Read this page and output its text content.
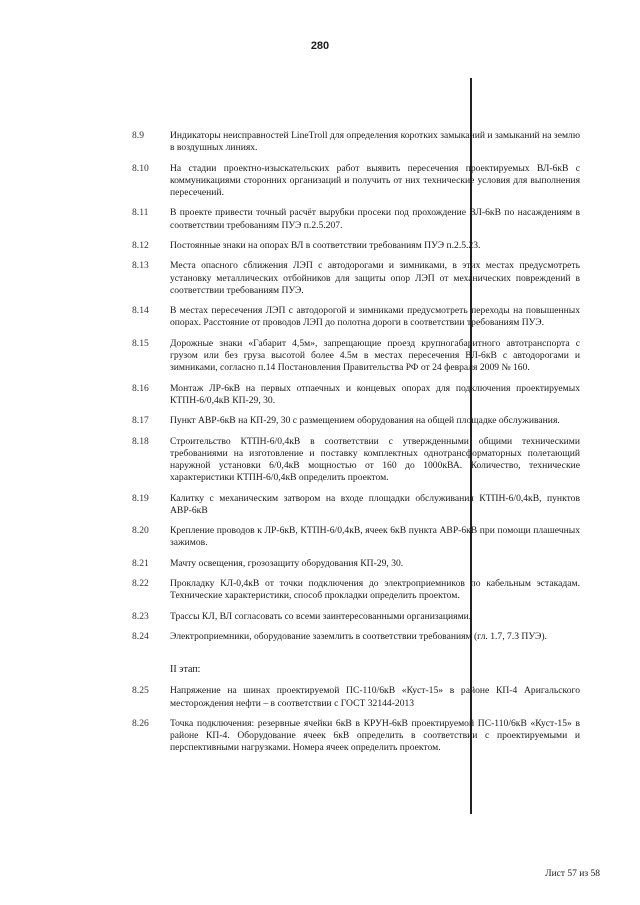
280
8.9	Индикаторы неисправностей LineTroll для определения коротких замыканий и замыканий на землю в воздушных линиях.
8.10	На стадии проектно-изыскательских работ выявить пересечения проектируемых ВЛ-6кВ с коммуникациями сторонних организаций и получить от них технические условия для выполнения пересечений.
8.11	В проекте привести точный расчёт вырубки просеки под прохождение ВЛ-6кВ по насаждениям в соответствии требованиям ПУЭ п.2.5.207.
8.12	Постоянные знаки на опорах ВЛ в соответствии требованиям ПУЭ п.2.5.23.
8.13	Места опасного сближения ЛЭП с автодорогами и зимниками, в этих местах предусмотреть установку металлических отбойников для защиты опор ЛЭП от механических повреждений в соответствии требованиям ПУЭ.
8.14	В местах пересечения ЛЭП с автодорогой и зимниками предусмотреть переходы на повышенных опорах. Расстояние от проводов ЛЭП до полотна дороги в соответствии требованиям ПУЭ.
8.15	Дорожные знаки «Габарит 4,5м», запрещающие проезд крупногабаритного автотранспорта с грузом или без груза высотой более 4.5м в местах пересечения ВЛ-6кВ с автодорогами и зимниками, согласно п.14 Постановления Правительства РФ от 24 февраля 2009 № 160.
8.16	Монтаж ЛР-6кВ на первых отпаечных и концевых опорах для подключения проектируемых КТПН-6/0,4кВ КП-29, 30.
8.17	Пункт АВР-6кВ на КП-29, 30 с размещением оборудования на общей площадке обслуживания.
8.18	Строительство КТПН-6/0,4кВ в соответствии с утвержденными общими техническими требованиями на изготовление и поставку комплектных однотрансформаторных полетающий наружной установки 6/0,4кВ мощностью от 160 до 1000кВА. Количество, технические характеристики КТПН-6/0,4кВ определить проектом.
8.19	Калитку с механическим затвором на входе площадки обслуживания КТПН-6/0,4кВ, пунктов АВР-6кВ
8.20	Крепление проводов к ЛР-6кВ, КТПН-6/0,4кВ, ячеек 6кВ пункта АВР-6кВ при помощи плашечных зажимов.
8.21	Мачту освещения, грозозащиту оборудования КП-29, 30.
8.22	Прокладку КЛ-0,4кВ от точки подключения до электроприемников по кабельным эстакадам. Технические характеристики, способ прокладки определить проектом.
8.23	Трассы КЛ, ВЛ согласовать со всеми заинтересованными организациями.
8.24	Электроприемники, оборудование заземлить в соответствии требованиям (гл. 1.7, 7.3 ПУЭ).
II этап:
8.25	Напряжение на шинах проектируемой ПС-110/6кВ «Куст-15» в районе КП-4 Аригальского месторождения нефти – в соответствии с ГОСТ 32144-2013
8.26	Точка подключения: резервные ячейки 6кВ в КРУН-6кВ проектируемой ПС-110/6кВ «Куст-15» в районе КП-4. Оборудование ячеек 6кВ определить в соответствии с проектируемыми и перспективными нагрузками. Номера ячеек определить проектом.
Лист 57 из 58
